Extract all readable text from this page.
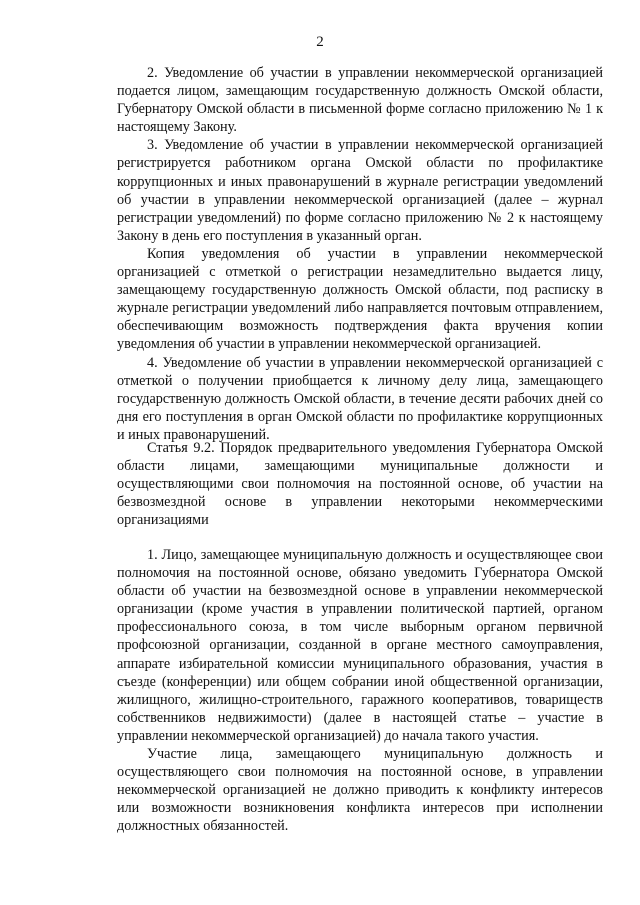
2

2. Уведомление об участии в управлении некоммерческой организацией подается лицом, замещающим государственную должность Омской области, Губернатору Омской области в письменной форме согласно приложению № 1 к настоящему Закону.

3. Уведомление об участии в управлении некоммерческой организацией регистрируется работником органа Омской области по профилактике коррупционных и иных правонарушений в журнале регистрации уведомлений об участии в управлении некоммерческой организацией (далее – журнал регистрации уведомлений) по форме согласно приложению № 2 к настоящему Закону в день его поступления в указанный орган.

Копия уведомления об участии в управлении некоммерческой организацией с отметкой о регистрации незамедлительно выдается лицу, замещающему государственную должность Омской области, под расписку в журнале регистрации уведомлений либо направляется почтовым отправлением, обеспечивающим возможность подтверждения факта вручения копии уведомления об участии в управлении некоммерческой организацией.

4. Уведомление об участии в управлении некоммерческой организацией с отметкой о получении приобщается к личному делу лица, замещающего государственную должность Омской области, в течение десяти рабочих дней со дня его поступления в орган Омской области по профилактике коррупционных и иных правонарушений.

Статья 9.2. Порядок предварительного уведомления Губернатора Омской области лицами, замещающими муниципальные должности и осуществляющими свои полномочия на постоянной основе, об участии на безвозмездной основе в управлении некоторыми некоммерческими организациями

1. Лицо, замещающее муниципальную должность и осуществляющее свои полномочия на постоянной основе, обязано уведомить Губернатора Омской области об участии на безвозмездной основе в управлении некоммерческой организации (кроме участия в управлении политической партией, органом профессионального союза, в том числе выборным органом первичной профсоюзной организации, созданной в органе местного самоуправления, аппарате избирательной комиссии муниципального образования, участия в съезде (конференции) или общем собрании иной общественной организации, жилищного, жилищно-строительного, гаражного кооперативов, товариществ собственников недвижимости) (далее в настоящей статье – участие в управлении некоммерческой организацией) до начала такого участия.

Участие лица, замещающего муниципальную должность и осуществляющего свои полномочия на постоянной основе, в управлении некоммерческой организацией не должно приводить к конфликту интересов или возможности возникновения конфликта интересов при исполнении должностных обязанностей.
